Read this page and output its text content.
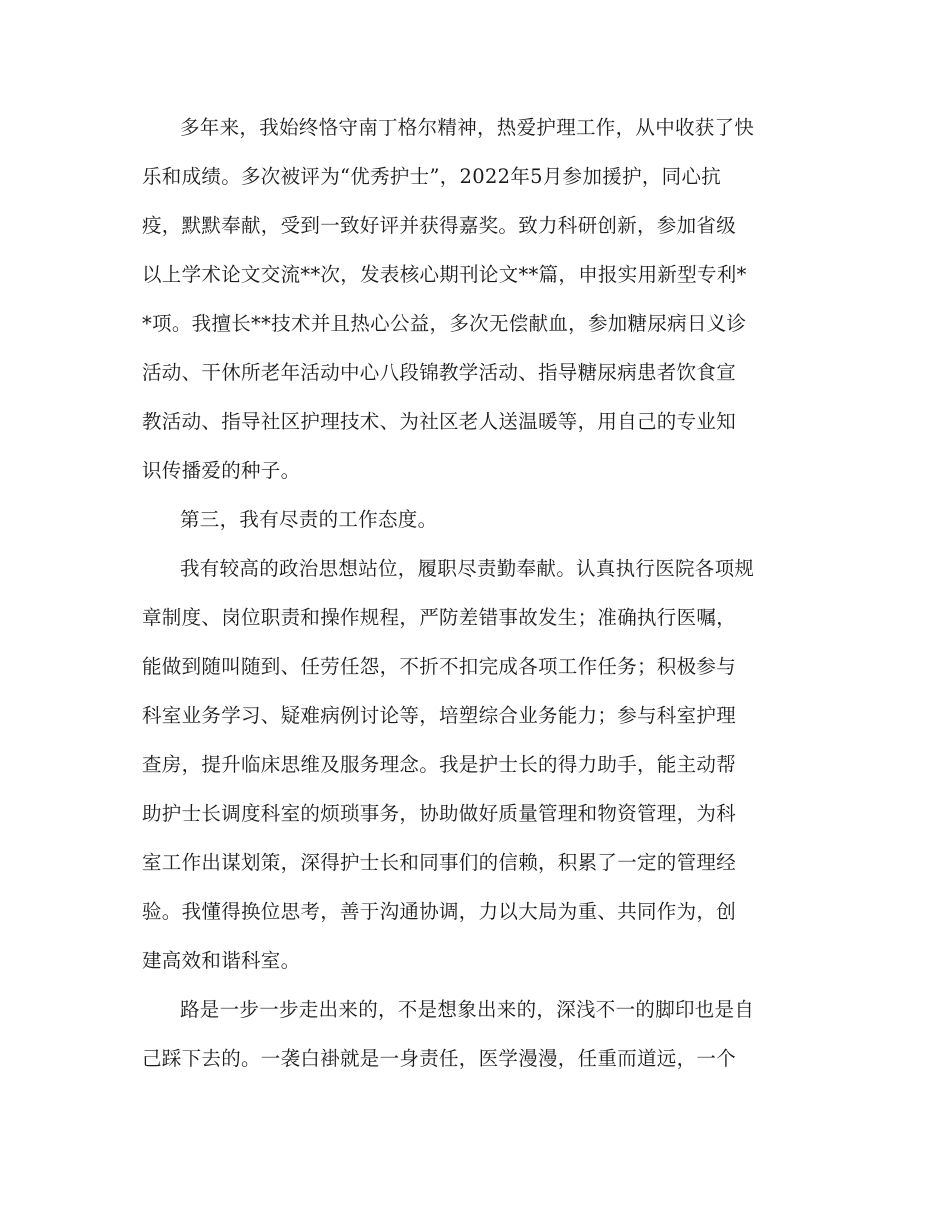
多年来，我始终恪守南丁格尔精神，热爱护理工作，从中收获了快
乐和成绩。多次被评为“优秀护士”，2022年5月参加援护，同心抗
疫，默默奉献，受到一致好评并获得嘉奖。致力科研创新，参加省级
以上学术论文交流**次，发表核心期刊论文**篇，申报实用新型专利*
*项。我擅长**技术并且热心公益，多次无偿献血，参加糖尿病日义诊
活动、干休所老年活动中心八段锦教学活动、指导糖尿病患者饮食宣
教活动、指导社区护理技术、为社区老人送温暖等，用自己的专业知
识传播爱的种子。
第三，我有尽责的工作态度。
我有较高的政治思想站位，履职尽责勤奉献。认真执行医院各项规
章制度、岗位职责和操作规程，严防差错事故发生；准确执行医嘱，
能做到随叫随到、任劳任怨，不折不扣完成各项工作任务；积极参与
科室业务学习、疑难病例讨论等，培塑综合业务能力；参与科室护理
查房，提升临床思维及服务理念。我是护士长的得力助手，能主动帮
助护士长调度科室的烦琐事务，协助做好质量管理和物资管理，为科
室工作出谋划策，深得护士长和同事们的信赖，积累了一定的管理经
验。我懂得换位思考，善于沟通协调，力以大局为重、共同作为，创
建高效和谐科室。
路是一步一步走出来的，不是想象出来的，深浅不一的脚印也是自
己踩下去的。一袭白褂就是一身责任，医学漫漫，任重而道远，一个
